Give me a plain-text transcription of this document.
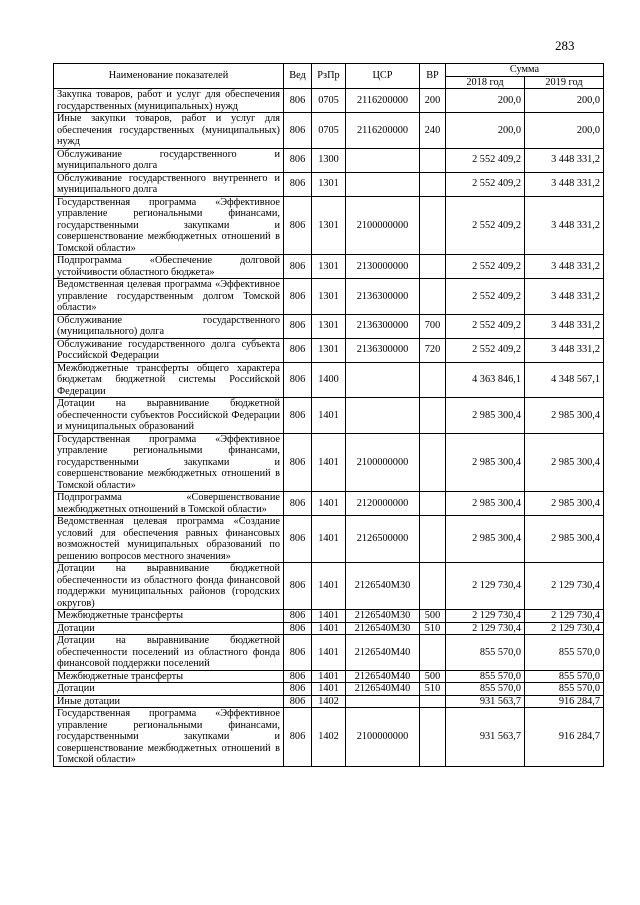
283
Наименование показателей	Вед	РзПр	ЦСР	ВР	Сумма	
					2018 год	2019 год
Закупка товаров, работ и услуг для обеспечения государственных (муниципальных) нужд	806	0705	2116200000	200	200,0	200,0
Иные закупки товаров, работ и услуг для обеспечения государственных (муниципальных) нужд	806	0705	2116200000	240	200,0	200,0
Обслуживание государственного и муниципального долга	806	1300			2 552 409,2	3 448 331,2
Обслуживание государственного внутреннего и муниципального долга	806	1301			2 552 409,2	3 448 331,2
Государственная программа «Эффективное управление региональными финансами, государственными закупками и совершенствование межбюджетных отношений в Томской области»	806	1301	2100000000		2 552 409,2	3 448 331,2
Подпрограмма «Обеспечение долговой устойчивости областного бюджета»	806	1301	2130000000		2 552 409,2	3 448 331,2
Ведомственная целевая программа «Эффективное управление государственным долгом Томской области»	806	1301	2136300000		2 552 409,2	3 448 331,2
Обслуживание государственного (муниципального) долга	806	1301	2136300000	700	2 552 409,2	3 448 331,2
Обслуживание государственного долга субъекта Российской Федерации	806	1301	2136300000	720	2 552 409,2	3 448 331,2
Межбюджетные трансферты общего характера бюджетам бюджетной системы Российской Федерации	806	1400			4 363 846,1	4 348 567,1
Дотации на выравнивание бюджетной обеспеченности субъектов Российской Федерации и муниципальных образований	806	1401			2 985 300,4	2 985 300,4
Государственная программа «Эффективное управление региональными финансами, государственными закупками и совершенствование межбюджетных отношений в Томской области»	806	1401	2100000000		2 985 300,4	2 985 300,4
Подпрограмма «Совершенствование межбюджетных отношений в Томской области»	806	1401	2120000000		2 985 300,4	2 985 300,4
Ведомственная целевая программа «Создание условий для обеспечения равных финансовых возможностей муниципальных образований по решению вопросов местного значения»	806	1401	2126500000		2 985 300,4	2 985 300,4
Дотации на выравнивание бюджетной обеспеченности из областного фонда финансовой поддержки муниципальных районов (городских округов)	806	1401	2126540М30		2 129 730,4	2 129 730,4
Межбюджетные трансферты	806	1401	2126540М30	500	2 129 730,4	2 129 730,4
Дотации	806	1401	2126540М30	510	2 129 730,4	2 129 730,4
Дотации на выравнивание бюджетной обеспеченности поселений из областного фонда финансовой поддержки поселений	806	1401	2126540М40		855 570,0	855 570,0
Межбюджетные трансферты	806	1401	2126540М40	500	855 570,0	855 570,0
Дотации	806	1401	2126540М40	510	855 570,0	855 570,0
Иные дотации	806	1402			931 563,7	916 284,7
Государственная программа «Эффективное управление региональными финансами, государственными закупками и совершенствование межбюджетных отношений в Томской области»	806	1402	2100000000		931 563,7	916 284,7
